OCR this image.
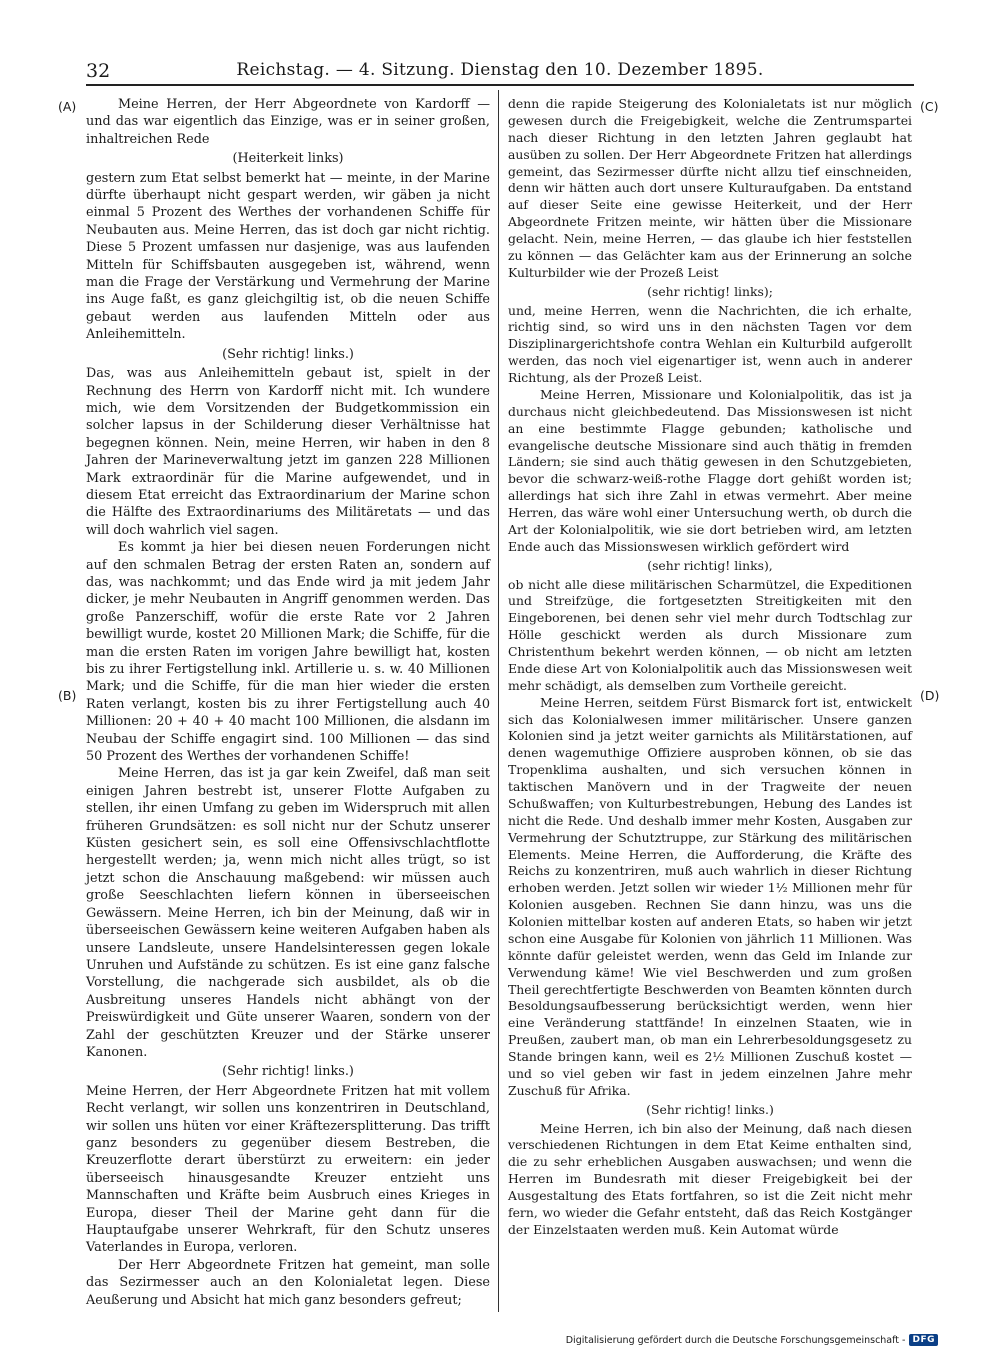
32	Reichstag. — 4. Sitzung. Dienstag den 10. Dezember 1895.
(A)
(B)
(C)
(D)

Meine Herren, der Herr Abgeordnete von Kardorff — und das war eigentlich das Einzige, was er in seiner großen, inhaltreichen Rede

(Heiterkeit links)

gestern zum Etat selbst bemerkt hat — meinte, in der Marine dürfte überhaupt nicht gespart werden, wir gäben ja nicht einmal 5 Prozent des Werthes der vorhandenen Schiffe für Neubauten aus. Meine Herren, das ist doch gar nicht richtig. Diese 5 Prozent umfassen nur dasjenige, was aus laufenden Mitteln für Schiffsbauten ausgegeben ist, während, wenn man die Frage der Verstärkung und Vermehrung der Marine ins Auge faßt, es ganz gleichgiltig ist, ob die neuen Schiffe gebaut werden aus laufenden Mitteln oder aus Anleihemitteln.

(Sehr richtig! links.)

Das, was aus Anleihemitteln gebaut ist, spielt in der Rechnung des Herrn von Kardorff nicht mit. Ich wundere mich, wie dem Vorsitzenden der Budgetkommission ein solcher lapsus in der Schilderung dieser Verhältnisse hat begegnen können. Nein, meine Herren, wir haben in den 8 Jahren der Marineverwaltung jetzt im ganzen 228 Millionen Mark extraordinär für die Marine aufgewendet, und in diesem Etat erreicht das Extraordinarium der Marine schon die Hälfte des Extraordinariums des Militäretats — und das will doch wahrlich viel sagen.

Es kommt ja hier bei diesen neuen Forderungen nicht auf den schmalen Betrag der ersten Raten an, sondern auf das, was nachkommt; und das Ende wird ja mit jedem Jahr dicker, je mehr Neubauten in Angriff genommen werden. Das große Panzerschiff, wofür die erste Rate vor 2 Jahren bewilligt wurde, kostet 20 Millionen Mark; die Schiffe, für die man die ersten Raten im vorigen Jahre bewilligt hat, kosten bis zu ihrer Fertigstellung inkl. Artillerie u. s. w. 40 Millionen Mark; und die Schiffe, für die man hier wieder die ersten Raten verlangt, kosten bis zu ihrer Fertigstellung auch 40 Millionen: 20 + 40 + 40 macht 100 Millionen, die alsdann im Neubau der Schiffe engagirt sind. 100 Millionen — das sind 50 Prozent des Werthes der vorhandenen Schiffe!

Meine Herren, das ist ja gar kein Zweifel, daß man seit einigen Jahren bestrebt ist, unserer Flotte Aufgaben zu stellen, ihr einen Umfang zu geben im Widerspruch mit allen früheren Grundsätzen: es soll nicht nur der Schutz unserer Küsten gesichert sein, es soll eine Offensivschlachtflotte hergestellt werden; ja, wenn mich nicht alles trügt, so ist jetzt schon die Anschauung maßgebend: wir müssen auch große Seeschlachten liefern können in überseeischen Gewässern. Meine Herren, ich bin der Meinung, daß wir in überseeischen Gewässern keine weiteren Aufgaben haben als unsere Landsleute, unsere Handelsinteressen gegen lokale Unruhen und Aufstände zu schützen. Es ist eine ganz falsche Vorstellung, die nachgerade sich ausbildet, als ob die Ausbreitung unseres Handels nicht abhängt von der Preiswürdigkeit und Güte unserer Waaren, sondern von der Zahl der geschützten Kreuzer und der Stärke unserer Kanonen.

(Sehr richtig! links.)

Meine Herren, der Herr Abgeordnete Fritzen hat mit vollem Recht verlangt, wir sollen uns konzentriren in Deutschland, wir sollen uns hüten vor einer Kräftezersplitterung. Das trifft ganz besonders zu gegenüber diesem Bestreben, die Kreuzerflotte derart überstürzt zu erweitern: ein jeder überseeisch hinausgesandte Kreuzer entzieht uns Mannschaften und Kräfte beim Ausbruch eines Krieges in Europa, dieser Theil der Marine geht dann für die Hauptaufgabe unserer Wehrkraft, für den Schutz unseres Vaterlandes in Europa, verloren.

Der Herr Abgeordnete Fritzen hat gemeint, man solle das Sezirmesser auch an den Kolonialetat legen. Diese Aeußerung und Absicht hat mich ganz besonders gefreut;

denn die rapide Steigerung des Kolonialetats ist nur möglich gewesen durch die Freigebigkeit, welche die Zentrumspartei nach dieser Richtung in den letzten Jahren geglaubt hat ausüben zu sollen. Der Herr Abgeordnete Fritzen hat allerdings gemeint, das Sezirmesser dürfte nicht allzu tief einschneiden, denn wir hätten auch dort unsere Kulturaufgaben. Da entstand auf dieser Seite eine gewisse Heiterkeit, und der Herr Abgeordnete Fritzen meinte, wir hätten über die Missionare gelacht. Nein, meine Herren, — das glaube ich hier feststellen zu können — das Gelächter kam aus der Erinnerung an solche Kulturbilder wie der Prozeß Leist

(sehr richtig! links);

und, meine Herren, wenn die Nachrichten, die ich erhalte, richtig sind, so wird uns in den nächsten Tagen vor dem Disziplinargerichtshofe contra Wehlan ein Kulturbild aufgerollt werden, das noch viel eigenartiger ist, wenn auch in anderer Richtung, als der Prozeß Leist.

Meine Herren, Missionare und Kolonialpolitik, das ist ja durchaus nicht gleichbedeutend. Das Missionswesen ist nicht an eine bestimmte Flagge gebunden; katholische und evangelische deutsche Missionare sind auch thätig in fremden Ländern; sie sind auch thätig gewesen in den Schutzgebieten, bevor die schwarz-weiß-rothe Flagge dort gehißt worden ist; allerdings hat sich ihre Zahl in etwas vermehrt. Aber meine Herren, das wäre wohl einer Untersuchung werth, ob durch die Art der Kolonialpolitik, wie sie dort betrieben wird, am letzten Ende auch das Missionswesen wirklich gefördert wird

(sehr richtig! links),

ob nicht alle diese militärischen Scharmützel, die Expeditionen und Streifzüge, die fortgesetzten Streitigkeiten mit den Eingeborenen, bei denen sehr viel mehr durch Todtschlag zur Hölle geschickt werden als durch Missionare zum Christenthum bekehrt werden können, — ob nicht am letzten Ende diese Art von Kolonialpolitik auch das Missionswesen weit mehr schädigt, als demselben zum Vortheile gereicht.

Meine Herren, seitdem Fürst Bismarck fort ist, entwickelt sich das Kolonialwesen immer militärischer. Unsere ganzen Kolonien sind ja jetzt weiter garnichts als Militärstationen, auf denen wagemuthige Offiziere ausproben können, ob sie das Tropenklima aushalten, und sich versuchen können in taktischen Manövern und in der Tragweite der neuen Schußwaffen; von Kulturbestrebungen, Hebung des Landes ist nicht die Rede. Und deshalb immer mehr Kosten, Ausgaben zur Vermehrung der Schutztruppe, zur Stärkung des militärischen Elements. Meine Herren, die Aufforderung, die Kräfte des Reichs zu konzentriren, muß auch wahrlich in dieser Richtung erhoben werden. Jetzt sollen wir wieder 1½ Millionen mehr für Kolonien ausgeben. Rechnen Sie dann hinzu, was uns die Kolonien mittelbar kosten auf anderen Etats, so haben wir jetzt schon eine Ausgabe für Kolonien von jährlich 11 Millionen. Was könnte dafür geleistet werden, wenn das Geld im Inlande zur Verwendung käme! Wie viel Beschwerden und zum großen Theil gerechtfertigte Beschwerden von Beamten könnten durch Besoldungsaufbesserung berücksichtigt werden, wenn hier eine Veränderung stattfände! In einzelnen Staaten, wie in Preußen, zaubert man, ob man ein Lehrerbesoldungsgesetz zu Stande bringen kann, weil es 2½ Millionen Zuschuß kostet — und so viel geben wir fast in jedem einzelnen Jahre mehr Zuschuß für Afrika.

(Sehr richtig! links.)

Meine Herren, ich bin also der Meinung, daß nach diesen verschiedenen Richtungen in dem Etat Keime enthalten sind, die zu sehr erheblichen Ausgaben auswachsen; und wenn die Herren im Bundesrath mit dieser Freigebigkeit bei der Ausgestaltung des Etats fortfahren, so ist die Zeit nicht mehr fern, wo wieder die Gefahr entsteht, daß das Reich Kostgänger der Einzelstaaten werden muß. Kein Automat würde

Digitalisierung gefördert durch die Deutsche Forschungsgemeinschaft - DFG
